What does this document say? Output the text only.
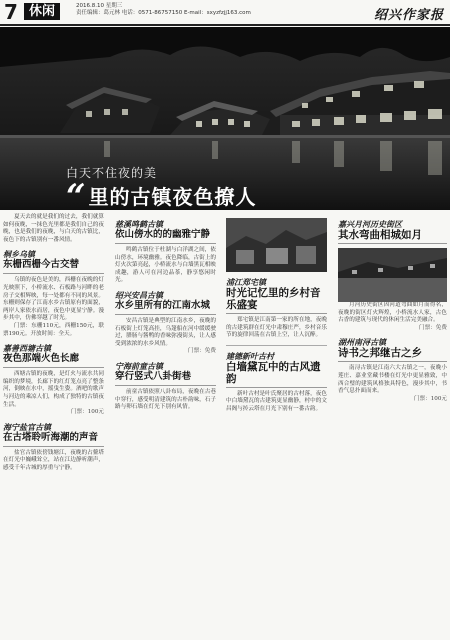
7 休闲	2016.8.10 星期三
责任编辑：葛元林 电话：0571-86757150 E-mail：sxyzfzjj163.com	绍兴作家报
白天不住夜的美
“ 里的古镇夜色撩人

夏天去的就是我们的过去，我们就算如何夜晚，一抹色光里都是我们自己的夜晚，也是我们的夜晚，与白天的古镇比，夜色下的古镇别有一番风情。

桐乡乌镇
东栅西栅今古交替

乌镇的夜色是美的，西栅在夜晚的灯光映照下，小桥流水、石板路与河畔的老房子交相辉映，每一处都有不同的风景。东栅则保存了江南水乡古镇原有的面貌，两岸人家依水而居，夜色中更显宁静。漫步其中，仿佛穿越了时光。

门票：东栅110元，西栅150元，联票190元。开放时间：全天。

嘉善西塘古镇
夜色那端火色长廊

西塘古镇的夜晚，是灯火与流水共同编织的梦境，长廊下的红灯笼点亮了整条河，倒映在水中，摇曳生姿。酒吧的歌声与河边的乘凉人们，构成了独特的古镇夜生活。

门票：100元

海宁盐官古镇
在古塔聆听海潮的声音

盐官古镇依傍钱塘江，夜晚的占鳌塔在灯光中巍峨耸立，站在江边静听潮声，感受千年古城的厚重与宁静。

慈溪鸣鹤古镇
依山傍水的的幽雅宁静

鸣鹤古镇位于杜湖与白洋湖之间，依山傍水，环境幽雅。夜色降临，古街上的灯火次第亮起，小桥流水与白墙黑瓦相映成趣，游人可在河边品茶，静享悠闲时光。

绍兴安昌古镇
水乡里所有的江南水城

安昌古镇是典型的江南水乡，夜晚的石板街上灯笼高挂，乌篷船在河中缓缓驶过，腊肠与酱鸭的香味弥漫街头，让人感受到浓浓的水乡风情。

门票：免费

宁海前童古镇
穿行竖式八卦街巷

前童古镇依照八卦布局，夜晚在古巷中穿行，感受明清建筑的古朴韵味，石子路与卵石墙在灯光下别有风情。

浦江郑宅镇
时光记忆里的乡村音乐盛宴

郑宅镇是江南第一家的所在地，夜晚的古建筑群在灯光中肃穆庄严，乡村音乐节的旋律回荡在古镇上空，让人沉醉。

建德新叶古村
白墙黛瓦中的古风遗韵

新叶古村是叶氏聚居的古村落，夜色中白墙黛瓦的古建筑更显幽静，村中的文昌阁与抟云塔在月光下别有一番古韵。

嘉兴月河历史街区
其水弯曲相城如月

月河历史街区因河道弯曲如月而得名，夜晚的街区灯火辉煌，小桥流水人家，古色古香的建筑与现代的休闲生活完美融合。

门票：免费

湖州南浔古镇
诗书之邦继古之乡

南浔古镇是江南六大古镇之一，夜晚小莲庄、嘉业堂藏书楼在灯光中更显雅致，中西合璧的建筑风格独具特色，漫步其中，书香气息扑面而来。

门票：100元
